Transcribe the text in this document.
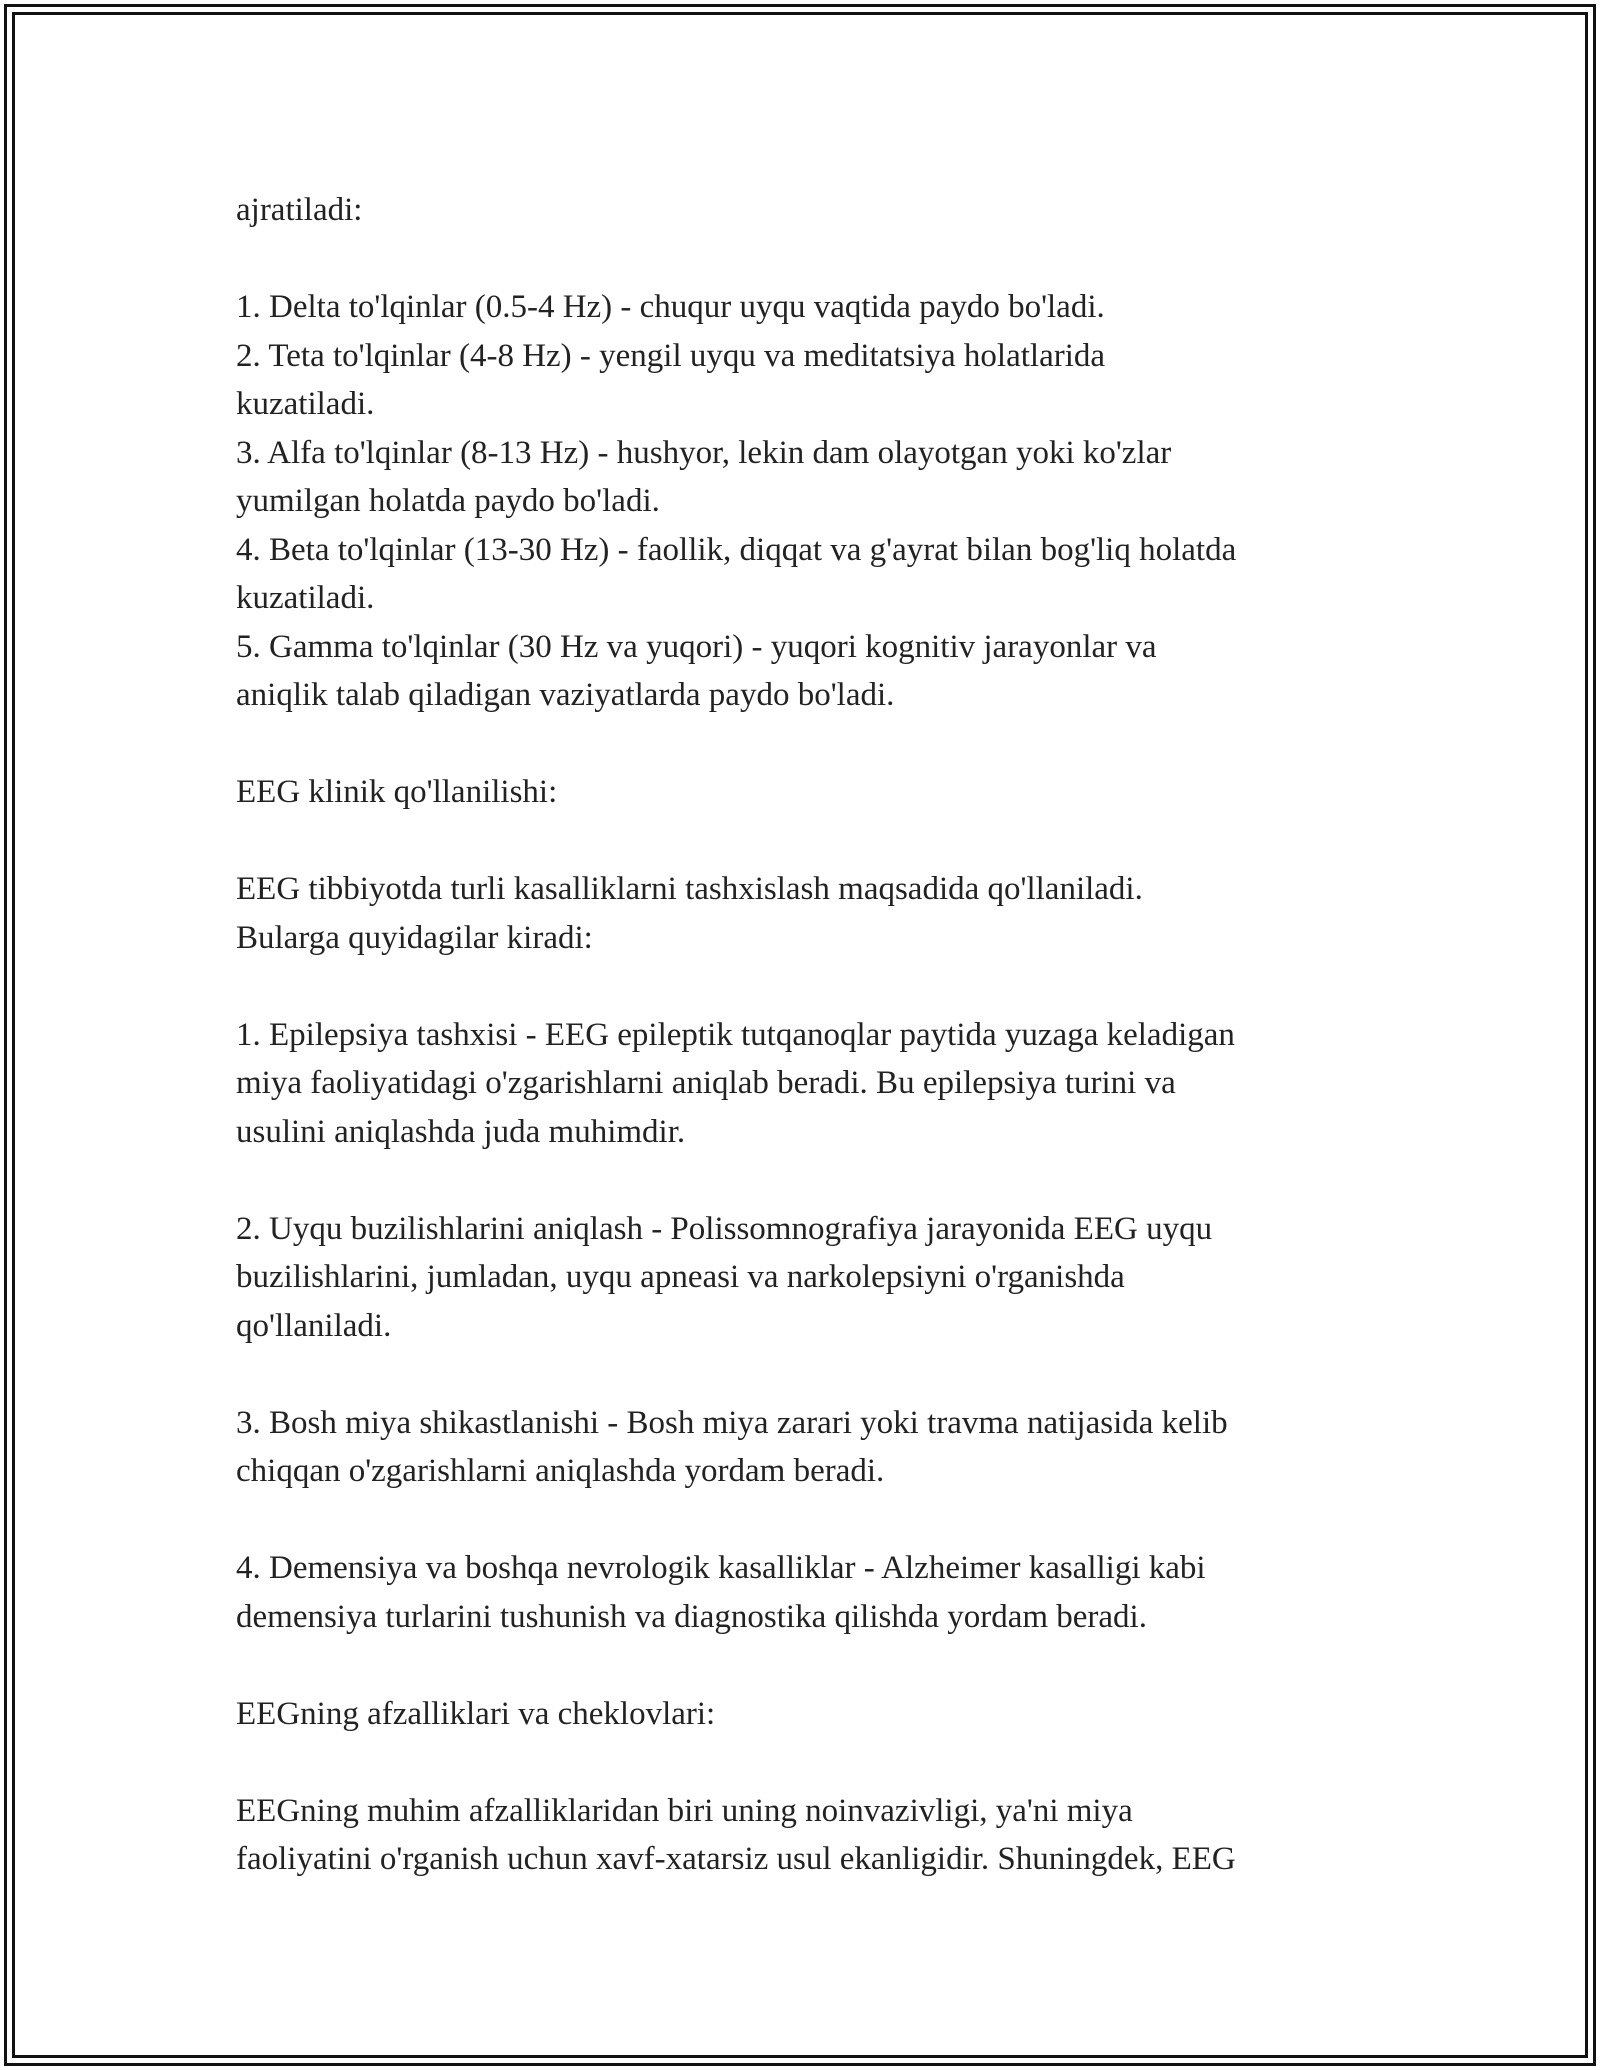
ajratiladi:
1. Delta to'lqinlar (0.5-4 Hz) - chuqur uyqu vaqtida paydo bo'ladi.
2. Teta to'lqinlar (4-8 Hz) - yengil uyqu va meditatsiya holatlarida
kuzatiladi.
3. Alfa to'lqinlar (8-13 Hz) - hushyor, lekin dam olayotgan yoki ko'zlar
yumilgan holatda paydo bo'ladi.
4. Beta to'lqinlar (13-30 Hz) - faollik, diqqat va g'ayrat bilan bog'liq holatda
kuzatiladi.
5. Gamma to'lqinlar (30 Hz va yuqori) - yuqori kognitiv jarayonlar va
aniqlik talab qiladigan vaziyatlarda paydo bo'ladi.
EEG klinik qo'llanilishi:
EEG tibbiyotda turli kasalliklarni tashxislash maqsadida qo'llaniladi.
Bularga quyidagilar kiradi:
1. Epilepsiya tashxisi - EEG epileptik tutqanoqlar paytida yuzaga keladigan
miya faoliyatidagi o'zgarishlarni aniqlab beradi. Bu epilepsiya turini va
usulini aniqlashda juda muhimdir.
2. Uyqu buzilishlarini aniqlash - Polissomnografiya jarayonida EEG uyqu
buzilishlarini, jumladan, uyqu apneasi va narkolepsiyni o'rganishda
qo'llaniladi.
3. Bosh miya shikastlanishi - Bosh miya zarari yoki travma natijasida kelib
chiqqan o'zgarishlarni aniqlashda yordam beradi.
4. Demensiya va boshqa nevrologik kasalliklar - Alzheimer kasalligi kabi
demensiya turlarini tushunish va diagnostika qilishda yordam beradi.
EEGning afzalliklari va cheklovlari:
EEGning muhim afzalliklaridan biri uning noinvazivligi, ya'ni miya
faoliyatini o'rganish uchun xavf-xatarsiz usul ekanligidir. Shuningdek, EEG
